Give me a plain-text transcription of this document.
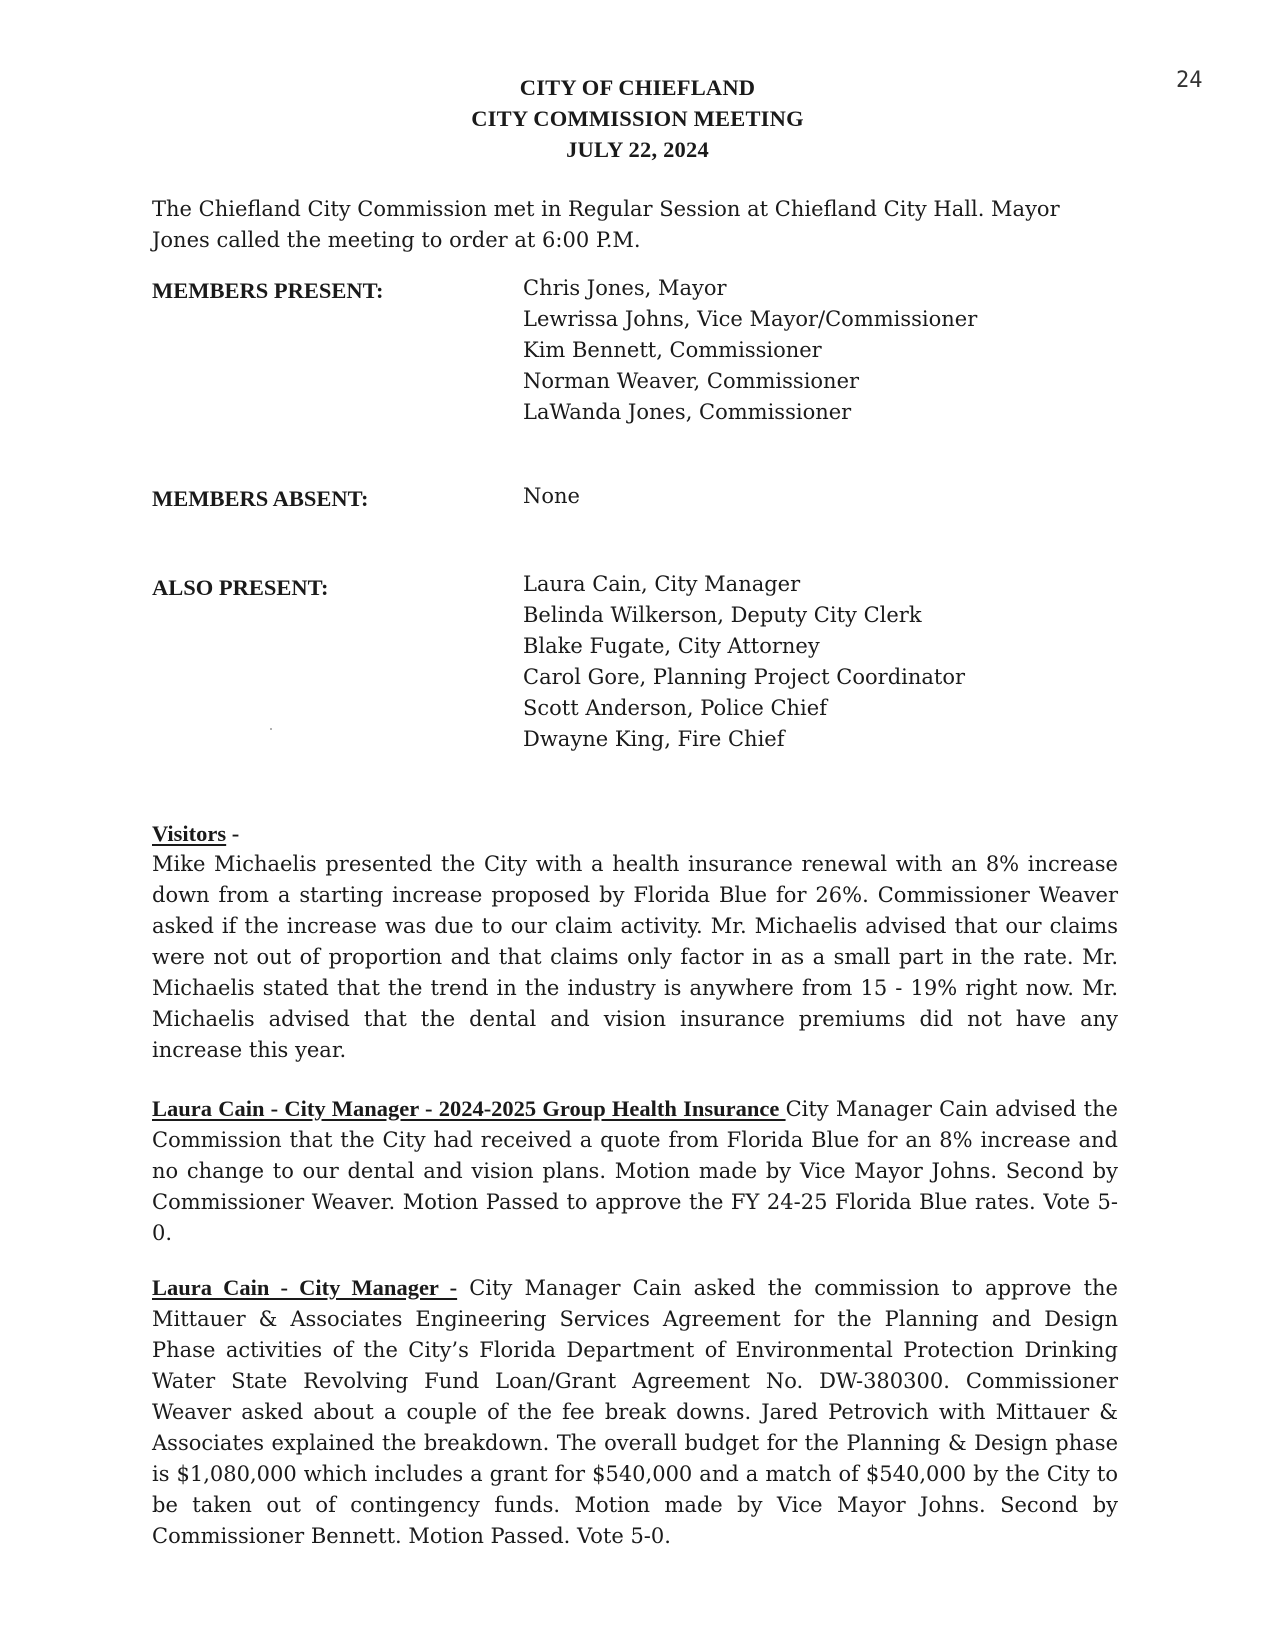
24
CITY OF CHIEFLAND
CITY COMMISSION MEETING
JULY 22, 2024
The Chiefland City Commission met in Regular Session at Chiefland City Hall. Mayor Jones called the meeting to order at 6:00 P.M.
MEMBERS PRESENT:	Chris Jones, Mayor
Lewrissa Johns, Vice Mayor/Commissioner
Kim Bennett, Commissioner
Norman Weaver, Commissioner
LaWanda Jones, Commissioner
MEMBERS ABSENT:	None
ALSO PRESENT:	Laura Cain, City Manager
Belinda Wilkerson, Deputy City Clerk
Blake Fugate, City Attorney
Carol Gore, Planning Project Coordinator
Scott Anderson, Police Chief
Dwayne King, Fire Chief
Visitors -
Mike Michaelis presented the City with a health insurance renewal with an 8% increase down from a starting increase proposed by Florida Blue for 26%. Commissioner Weaver asked if the increase was due to our claim activity. Mr. Michaelis advised that our claims were not out of proportion and that claims only factor in as a small part in the rate. Mr. Michaelis stated that the trend in the industry is anywhere from 15 - 19% right now. Mr. Michaelis advised that the dental and vision insurance premiums did not have any increase this year.
Laura Cain - City Manager - 2024-2025 Group Health Insurance City Manager Cain advised the Commission that the City had received a quote from Florida Blue for an 8% increase and no change to our dental and vision plans. Motion made by Vice Mayor Johns. Second by Commissioner Weaver. Motion Passed to approve the FY 24-25 Florida Blue rates. Vote 5-0.
Laura Cain - City Manager - City Manager Cain asked the commission to approve the Mittauer & Associates Engineering Services Agreement for the Planning and Design Phase activities of the City’s Florida Department of Environmental Protection Drinking Water State Revolving Fund Loan/Grant Agreement No. DW-380300. Commissioner Weaver asked about a couple of the fee break downs. Jared Petrovich with Mittauer & Associates explained the breakdown. The overall budget for the Planning & Design phase is $1,080,000 which includes a grant for $540,000 and a match of $540,000 by the City to be taken out of contingency funds. Motion made by Vice Mayor Johns. Second by Commissioner Bennett. Motion Passed. Vote 5-0.
